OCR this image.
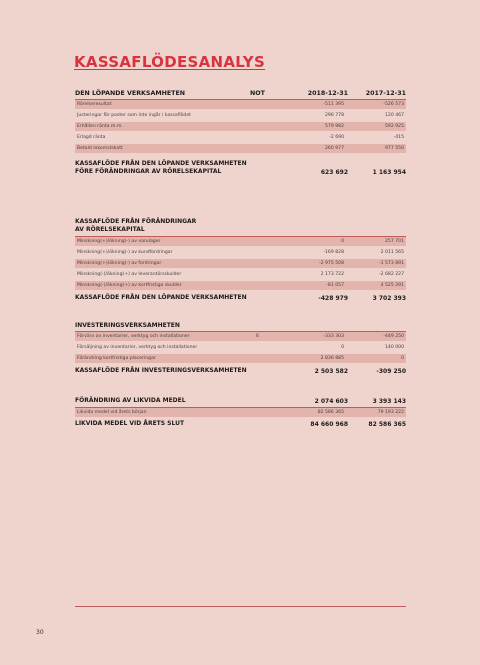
KASSAFLÖDESANALYS
DEN LÖPANDE VERKSAMHETEN	NOT	2018-12-31	2017-12-31
Rörelseresultat	-511 395	-526 573
Justeringar för poster som inte ingår i kassaflödet	296 778	120 467
Erhållen ränta m.m.	579 982	592 925
Erlagd ränta	-2 690	-415
Betald inkomstskatt	260 977	977 550
KASSAFLÖDE FRÅN DEN LÖPANDE VERKSAMHETEN
FÖRE FÖRÄNDRINGAR AV RÖRELSEKAPITAL	623 692	1 163 954
KASSAFLÖDE FRÅN FÖRÄNDRINGAR
AV RÖRELSEKAPITAL
Minskning(+)/ökning(-) av varulager	0	257 701
Minskning(+)/ökning(-) av kundfordringar	-169 828	2 011 565
Minskning(+)/ökning(-) av fordringar	-2 975 508	-1 573 891
Minskning(-)/ökning(+) av leverantörsskulder	2 173 722	-2 682 227
Minskning(-)/ökning(+) av kortfristiga skulder	-81 057	4 525 291
KASSAFLÖDE FRÅN DEN LÖPANDE VERKSAMHETEN	-428 979	3 702 393
INVESTERINGSVERKSAMHETEN
Förvärv av inventarier, verktyg och installationer	6	-333 303	-449 250
Försäljning av inventarier, verktyg och installationer	0	140 000
Förändring kortfristiga placeringar	2 836 885	0
KASSAFLÖDE FRÅN INVESTERINGSVERKSAMHETEN	2 503 582	-309 250
FÖRÄNDRING AV LIKVIDA MEDEL	2 074 603	3 393 143
Likvida medel vid årets början	82 586 365	79 193 222
LIKVIDA MEDEL VID ÅRETS SLUT	84 660 968	82 586 365
30
